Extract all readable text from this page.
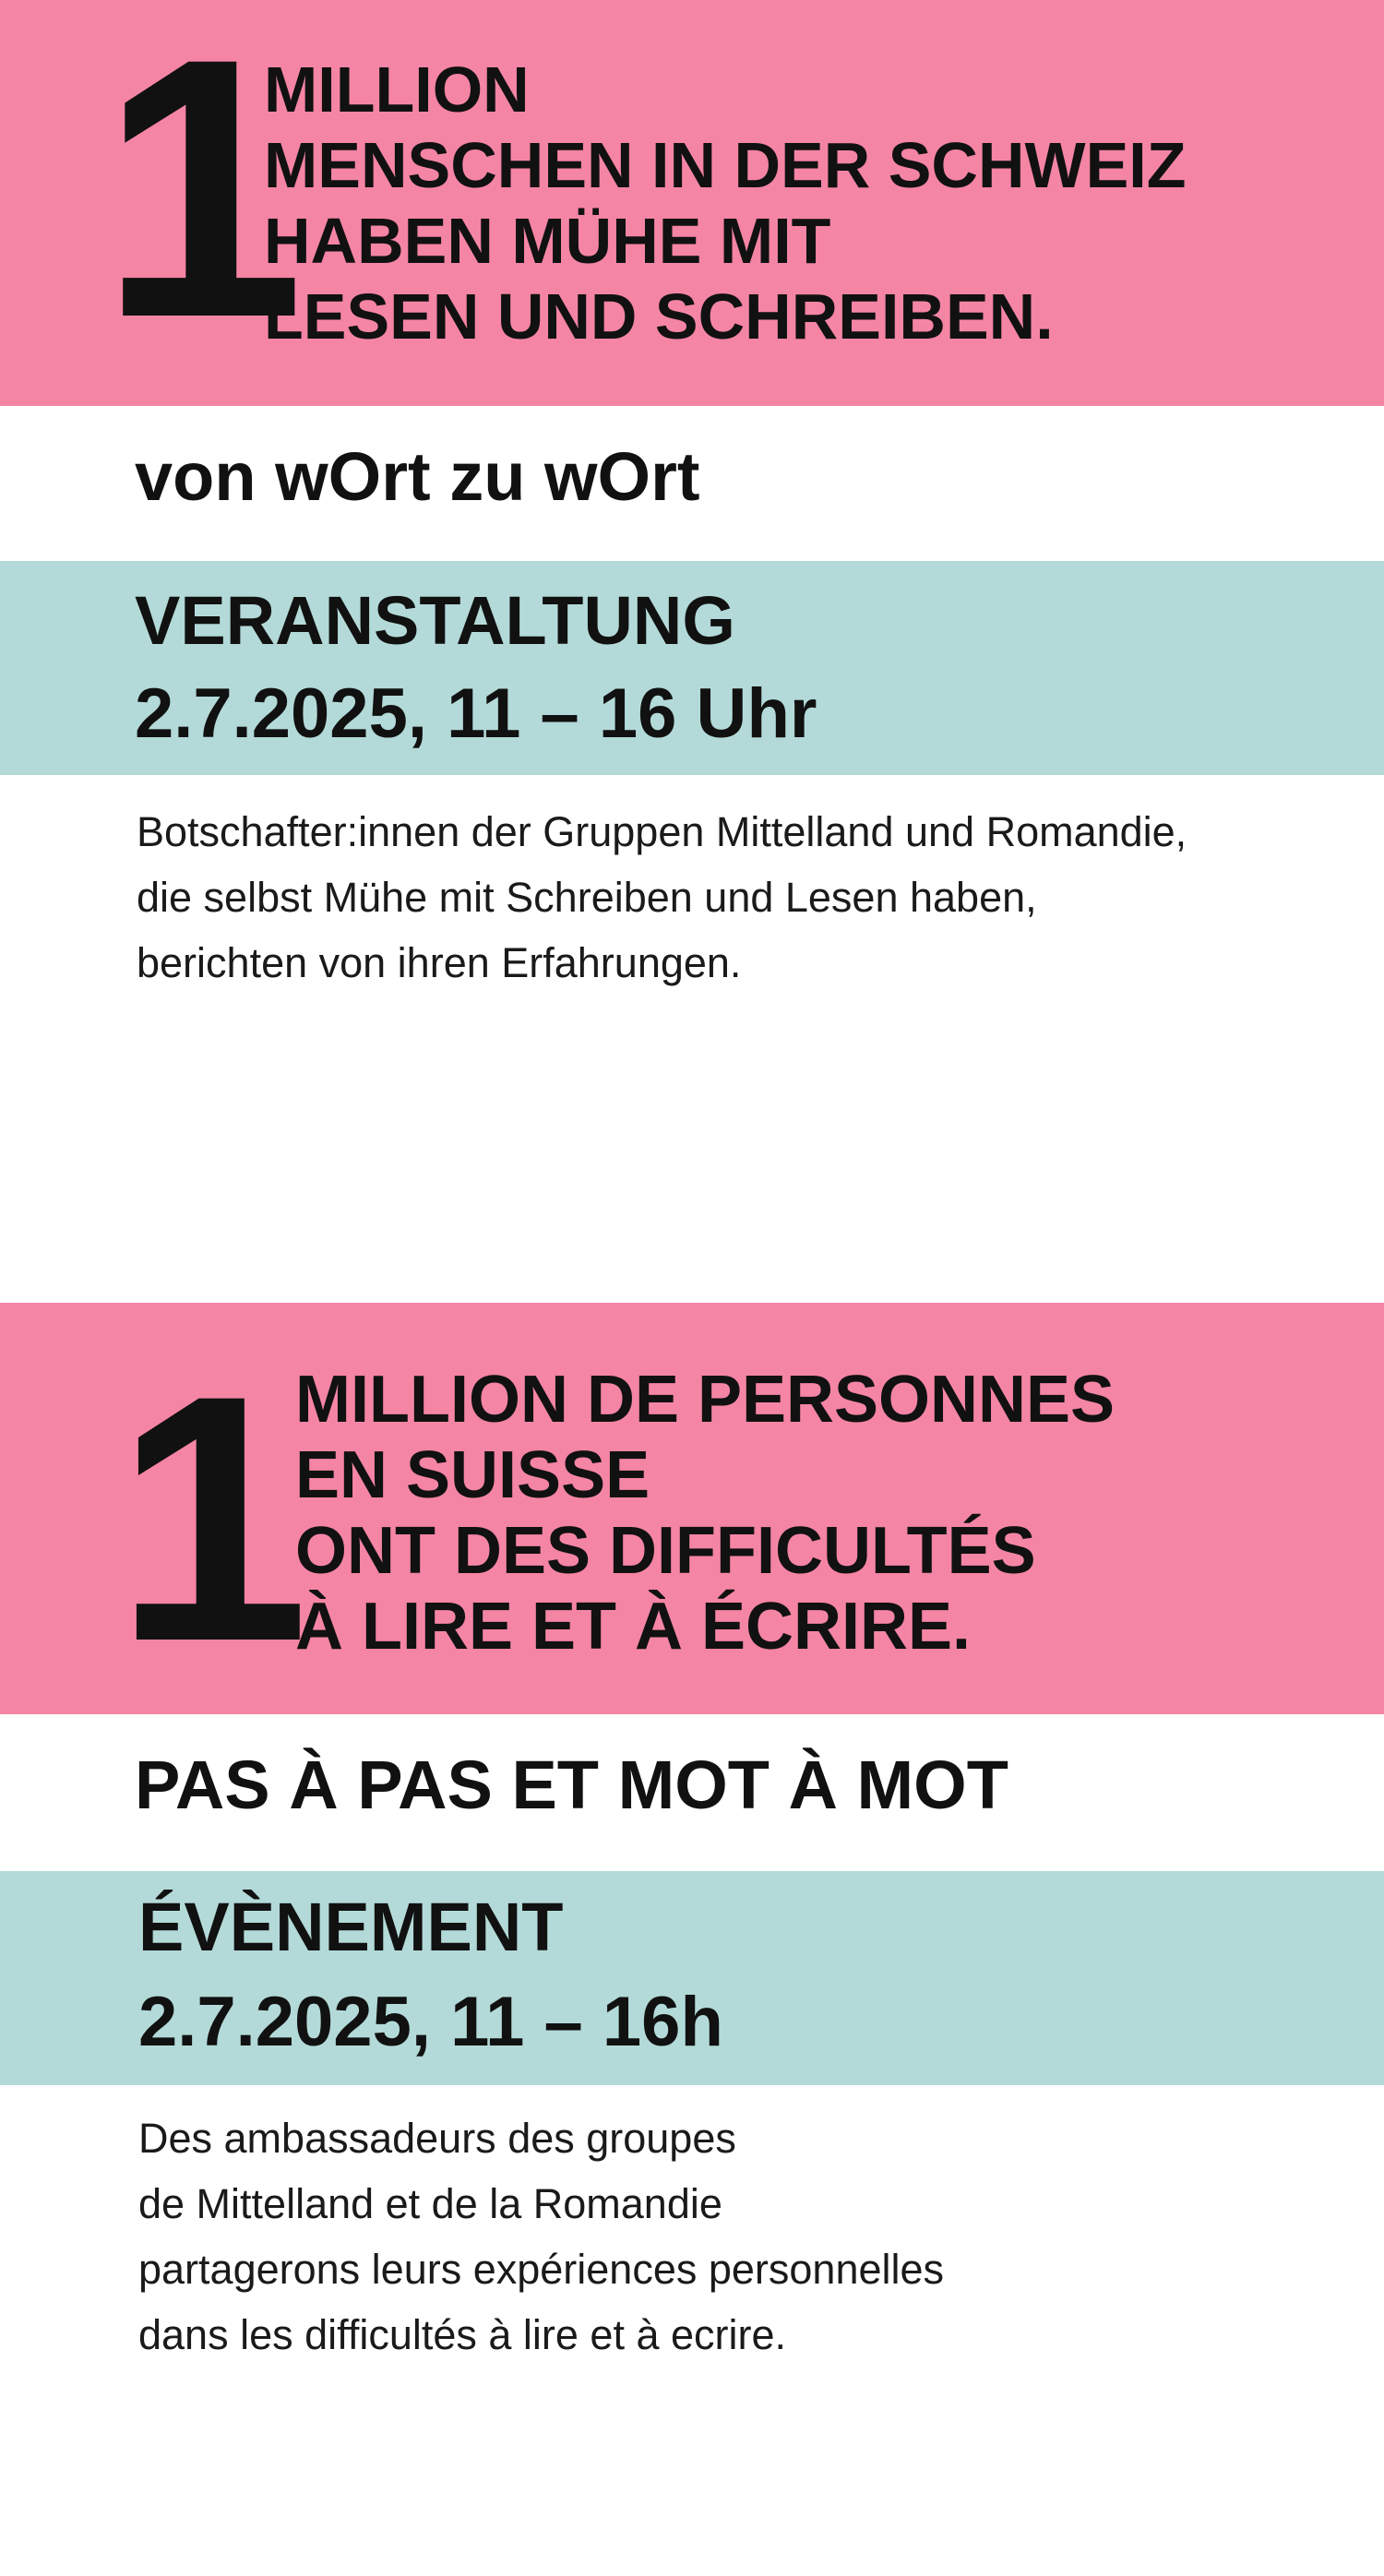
1
MILLION
MENSCHEN IN DER SCHWEIZ
HABEN MÜHE MIT
LESEN UND SCHREIBEN.
von wOrt zu wOrt
VERANSTALTUNG
2.7.2025, 11 – 16 Uhr

Botschafter:innen der Gruppen Mittelland und Romandie,
die selbst Mühe mit Schreiben und Lesen haben,
berichten von ihren Erfahrungen.

1
MILLION DE PERSONNES
EN SUISSE
ONT DES DIFFICULTÉS
À LIRE ET À ÉCRIRE.
PAS À PAS ET MOT À MOT
ÉVÈNEMENT
2.7.2025, 11 – 16h

Des ambassadeurs des groupes
de Mittelland et de la Romandie
partagerons leurs expériences personnelles
dans les difficultés à lire et à ecrire.
